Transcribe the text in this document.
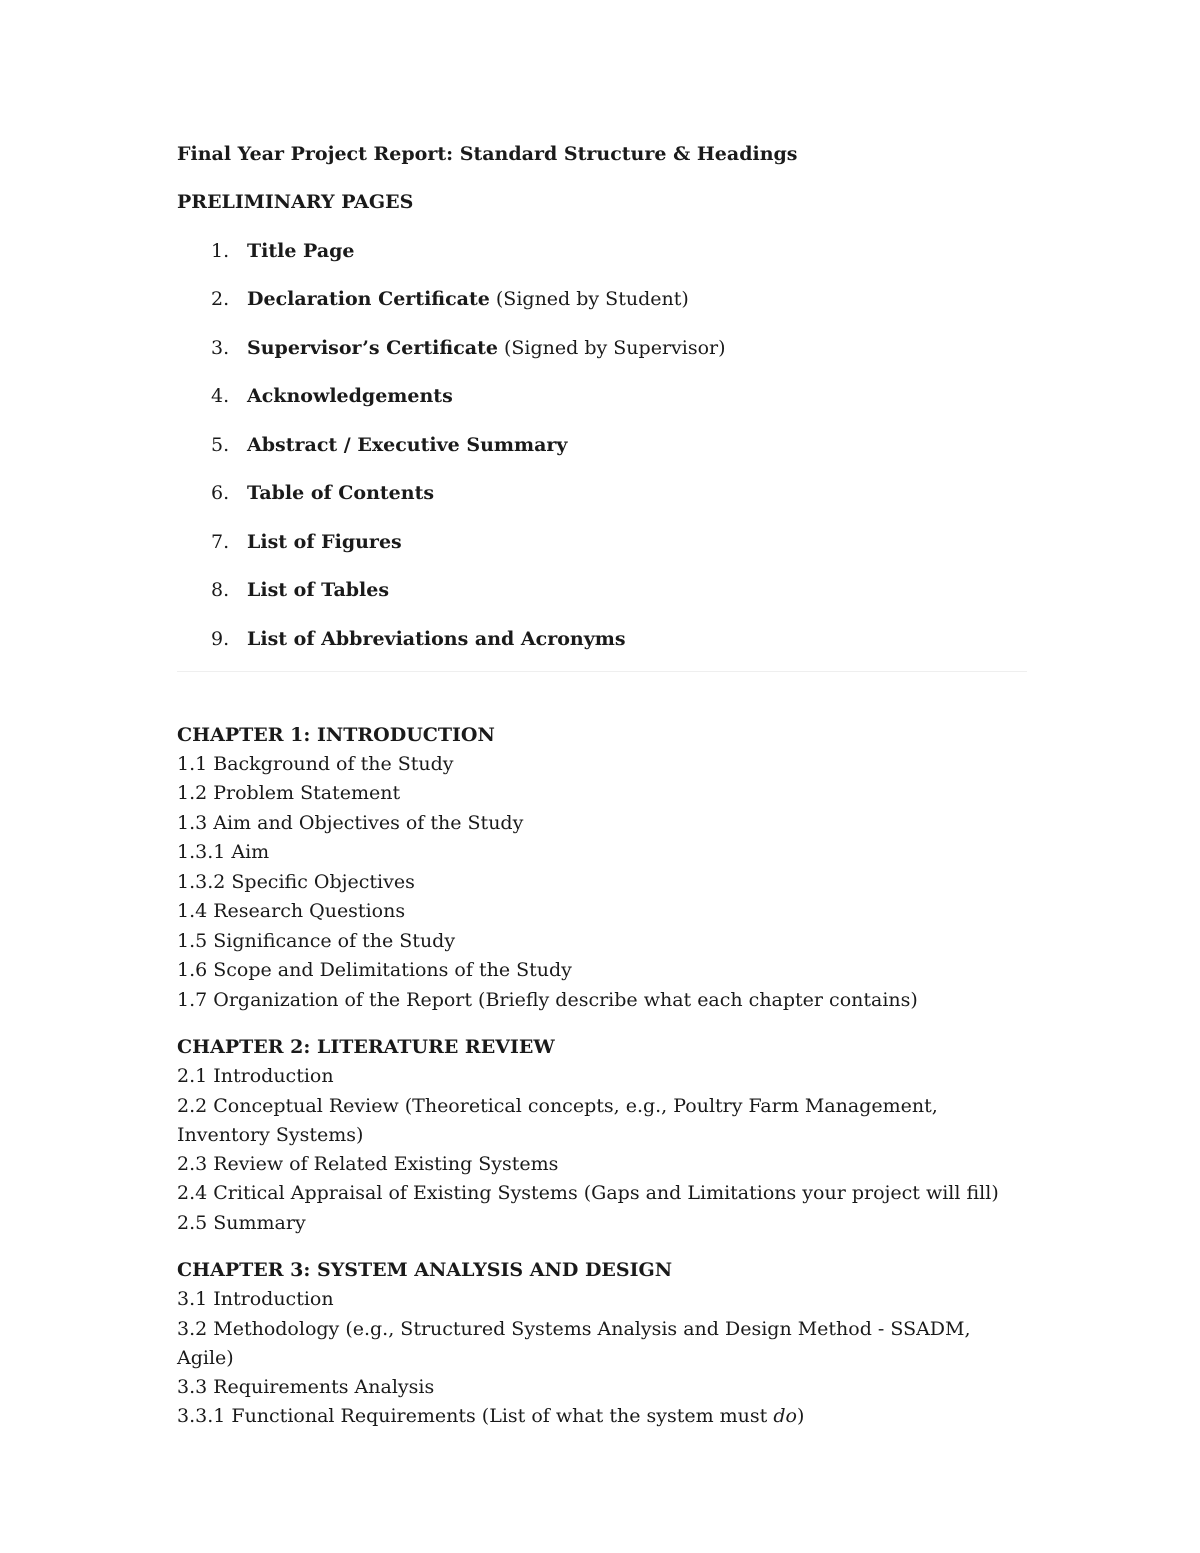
Final Year Project Report: Standard Structure & Headings

PRELIMINARY PAGES

1. Title Page
2. Declaration Certificate (Signed by Student)
3. Supervisor’s Certificate (Signed by Supervisor)
4. Acknowledgements
5. Abstract / Executive Summary
6. Table of Contents
7. List of Figures
8. List of Tables
9. List of Abbreviations and Acronyms

CHAPTER 1: INTRODUCTION

1.1 Background of the Study

1.2 Problem Statement

1.3 Aim and Objectives of the Study

1.3.1 Aim

1.3.2 Specific Objectives

1.4 Research Questions

1.5 Significance of the Study

1.6 Scope and Delimitations of the Study

1.7 Organization of the Report (Briefly describe what each chapter contains)

CHAPTER 2: LITERATURE REVIEW

2.1 Introduction

2.2 Conceptual Review (Theoretical concepts, e.g., Poultry Farm Management, Inventory Systems)

2.3 Review of Related Existing Systems

2.4 Critical Appraisal of Existing Systems (Gaps and Limitations your project will fill)

2.5 Summary

CHAPTER 3: SYSTEM ANALYSIS AND DESIGN

3.1 Introduction

3.2 Methodology (e.g., Structured Systems Analysis and Design Method - SSADM, Agile)

3.3 Requirements Analysis

3.3.1 Functional Requirements (List of what the system must do)
